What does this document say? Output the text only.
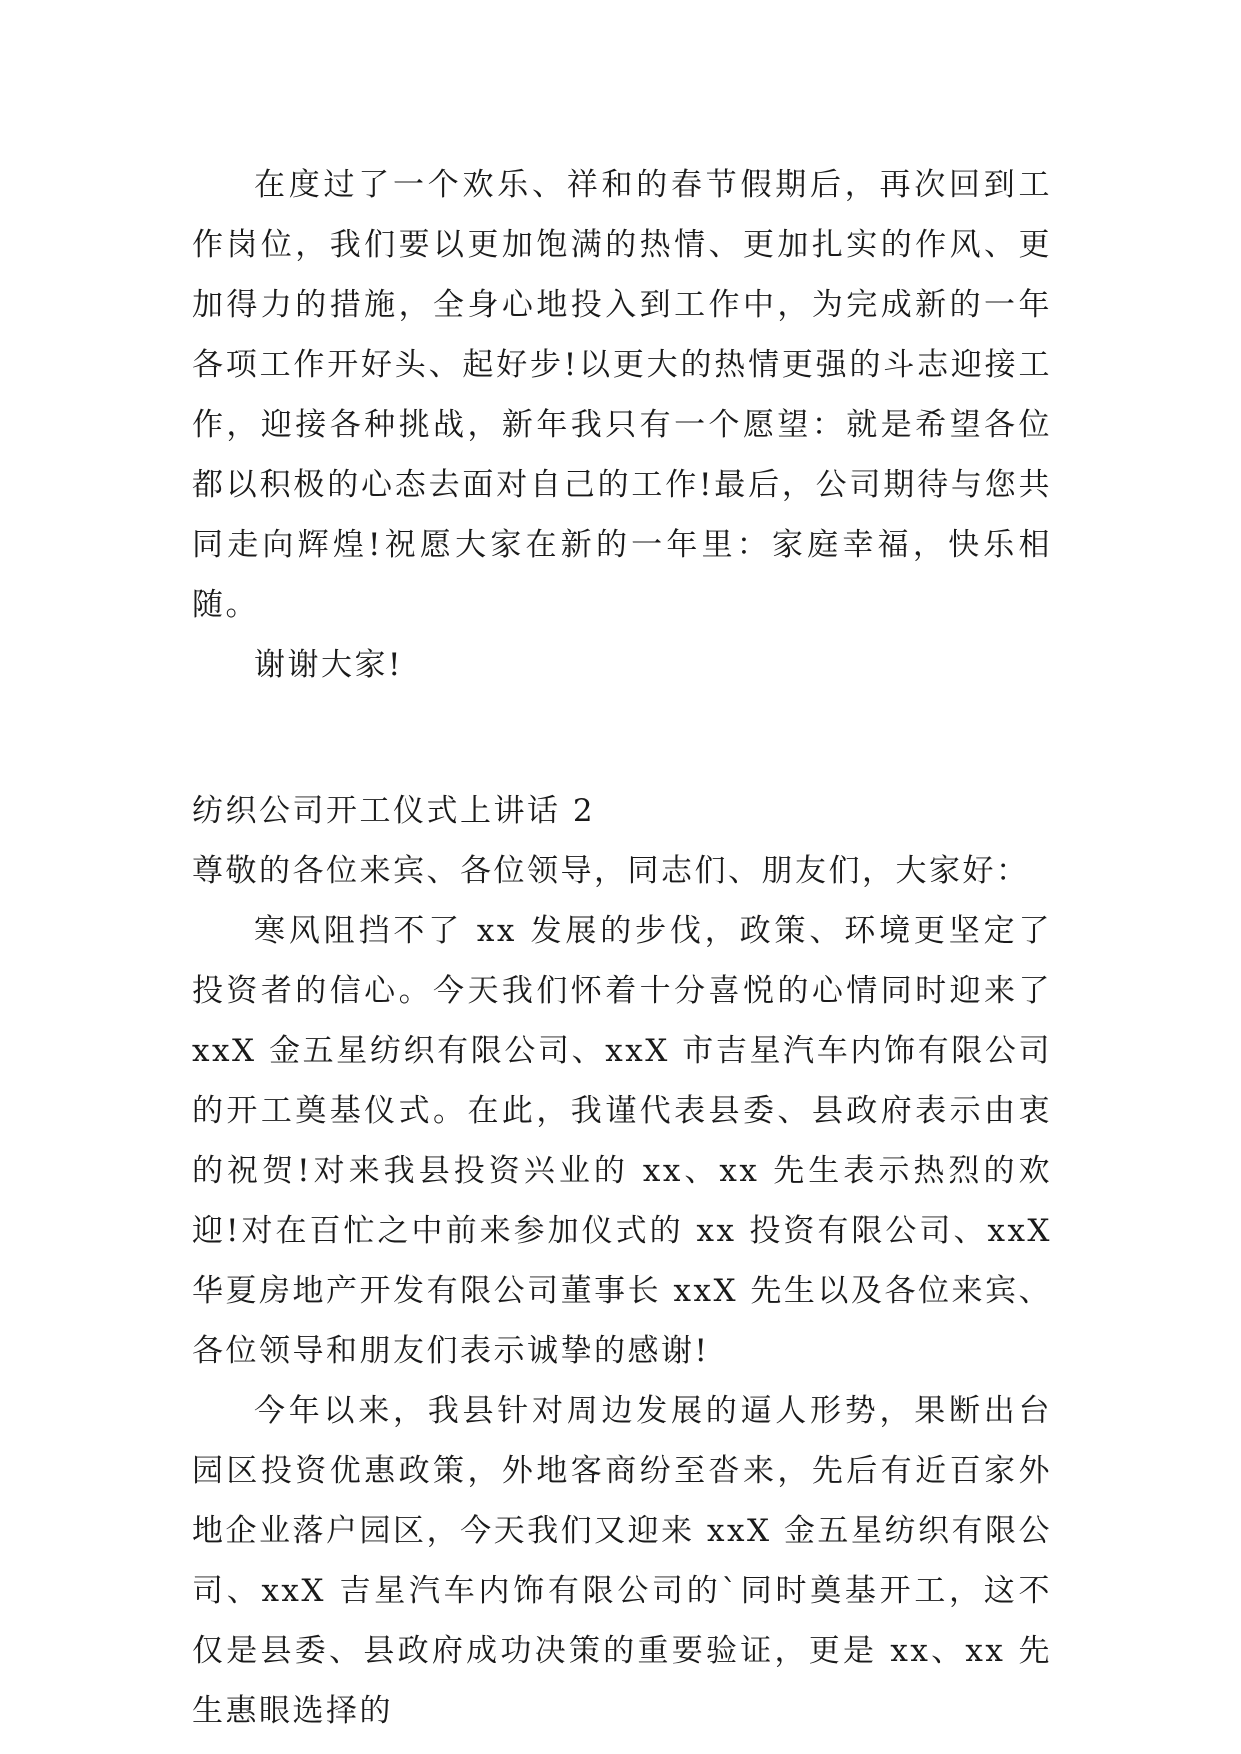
在度过了一个欢乐、祥和的春节假期后，再次回到工作岗位，我们要以更加饱满的热情、更加扎实的作风、更加得力的措施，全身心地投入到工作中，为完成新的一年各项工作开好头、起好步!以更大的热情更强的斗志迎接工作，迎接各种挑战，新年我只有一个愿望：就是希望各位都以积极的心态去面对自己的工作!最后，公司期待与您共同走向辉煌!祝愿大家在新的一年里：家庭幸福，快乐相随。

谢谢大家!

纺织公司开工仪式上讲话 2

尊敬的各位来宾、各位领导，同志们、朋友们，大家好：

寒风阻挡不了 xx 发展的步伐，政策、环境更坚定了投资者的信心。今天我们怀着十分喜悦的心情同时迎来了 xxX 金五星纺织有限公司、xxX 市吉星汽车内饰有限公司的开工奠基仪式。在此，我谨代表县委、县政府表示由衷的祝贺!对来我县投资兴业的 xx、xx 先生表示热烈的欢迎!对在百忙之中前来参加仪式的 xx 投资有限公司、xxX 华夏房地产开发有限公司董事长 xxX 先生以及各位来宾、各位领导和朋友们表示诚挚的感谢!

今年以来，我县针对周边发展的逼人形势，果断出台园区投资优惠政策，外地客商纷至沓来，先后有近百家外地企业落户园区，今天我们又迎来 xxX 金五星纺织有限公司、xxX 吉星汽车内饰有限公司的`同时奠基开工，这不仅是县委、县政府成功决策的重要验证，更是 xx、xx 先生惠眼选择的
